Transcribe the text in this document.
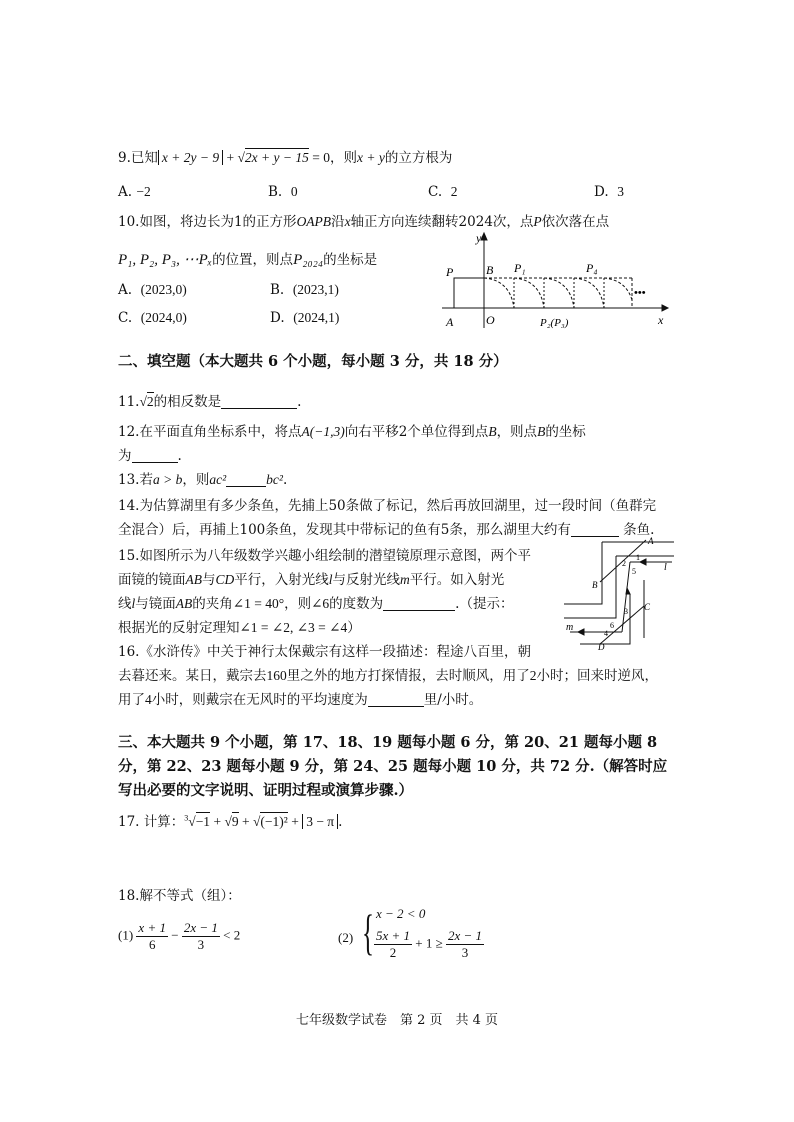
9.已知 x + 2y − 9 + √2x + y − 15 = 0，则x + y的立方根为
A. −2	B. 0	C. 2	D. 3
10.如图，将边长为1的正方形OAPB沿x轴正方向连续翻转2024次，点P依次落在点
P₁, P₂, P₃, ⋯Pₓ的位置，则点P₂₀₂₄的坐标是
A. (2023,0)	B. (2023,1)
C. (2024,0)	D. (2024,1)
y
x
P
A	O
B P₁	P₄
P₂(P₃)
•••
二、填空题（本大题共 6 个小题，每小题 3 分，共 18 分）
11.√2的相反数是	.
12.在平面直角坐标系中，将点A(−1,3)向右平移2个单位得到点B，则点B的坐标
为	.
13.若a > b，则ac²	bc².
14.为估算湖里有多少条鱼，先捕上50条做了标记，然后再放回湖里，过一段时间（鱼群完
全混合）后，再捕上100条鱼，发现其中带标记的鱼有5条，那么湖里大约有	条鱼.
15.如图所示为八年级数学兴趣小组绘制的潜望镜原理示意图，两个平
面镜的镜面AB与CD平行，入射光线l与反射光线m平行。如入射光
线l与镜面AB的夹角∠1 = 40°，则∠6的度数为	.（提示：
根据光的反射定理知∠1 = ∠2, ∠3 = ∠4）
A
B
C
D
l
m
1
2
3
4
5
6
16.《水浒传》中关于神行太保戴宗有这样一段描述：程途八百里，朝
去暮还来。某日，戴宗去160里之外的地方打探情报，去时顺风，用了2小时；回来时逆风，
用了4小时，则戴宗在无风时的平均速度为	里/小时。
三、本大题共 9 个小题，第 17、18、19 题每小题 6 分，第 20、21 题每小题 8
分，第 22、23 题每小题 9 分，第 24、25 题每小题 10 分，共 72 分.（解答时应
写出必要的文字说明、证明过程或演算步骤.）
17. 计算：$^3$√−1 + √9 + √(−1)² + 3 − π .
18.解不等式（组）：
$(1) \frac{x + 1}{6} - \frac{2x - 1}{3} < 2$	(2) { x − 2 < 0
$\frac{5x + 1}{2} + 1 \ge \frac{2x - 1}{3}$
七年级数学试卷　第 2 页　共 4 页
